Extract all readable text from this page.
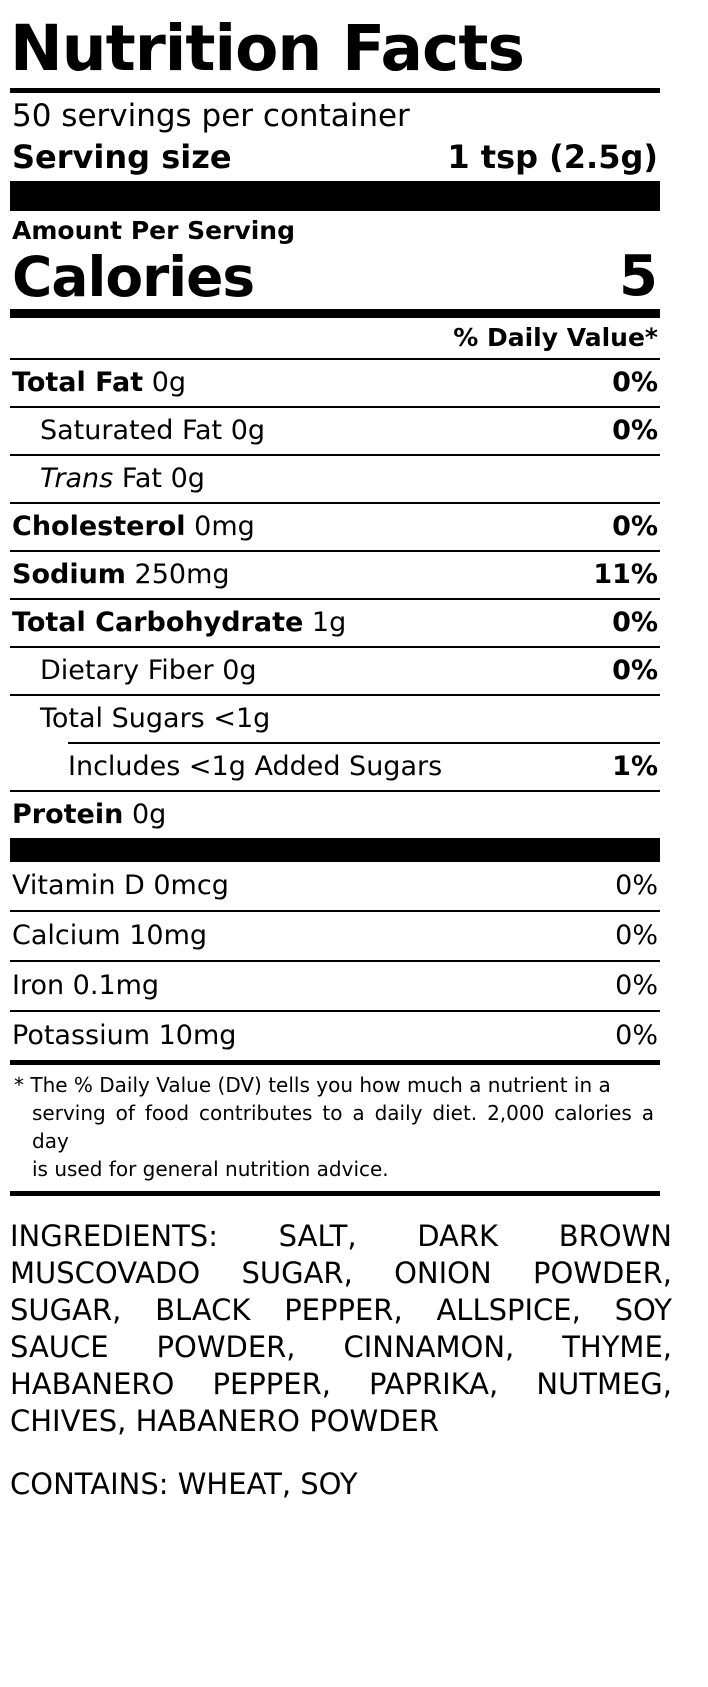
Nutrition Facts
50 servings per container
Serving size	1 tsp (2.5g)
Amount Per Serving
Calories	5
% Daily Value*
Total Fat 0g	0%
Saturated Fat 0g	0%
Trans Fat 0g
Cholesterol 0mg	0%
Sodium 250mg	11%
Total Carbohydrate 1g	0%
Dietary Fiber 0g	0%
Total Sugars <1g
Includes <1g Added Sugars	1%
Protein 0g
Vitamin D 0mcg	0%
Calcium 10mg	0%
Iron 0.1mg	0%
Potassium 10mg	0%
* The % Daily Value (DV) tells you how much a nutrient in a
serving of food contributes to a daily diet. 2,000 calories a day
is used for general nutrition advice.
INGREDIENTS: SALT, DARK BROWN MUSCOVADO SUGAR, ONION POWDER, SUGAR, BLACK PEPPER, ALLSPICE, SOY SAUCE POWDER, CINNAMON, THYME, HABANERO PEPPER, PAPRIKA, NUTMEG, CHIVES, HABANERO POWDER
CONTAINS: WHEAT, SOY
